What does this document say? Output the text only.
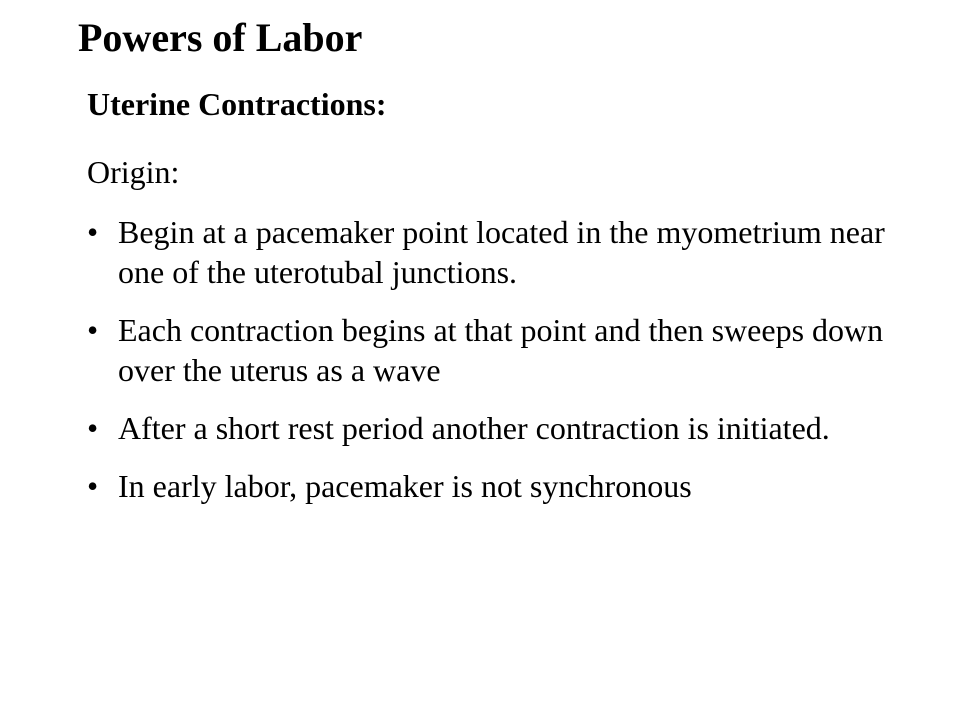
Powers of Labor
Uterine Contractions:
Origin:
• Begin at a pacemaker point located in the myometrium near one of the uterotubal junctions.
• Each contraction begins at that point and then sweeps down over the uterus as a wave
• After a short rest period another contraction is initiated.
• In early labor, pacemaker is not synchronous
